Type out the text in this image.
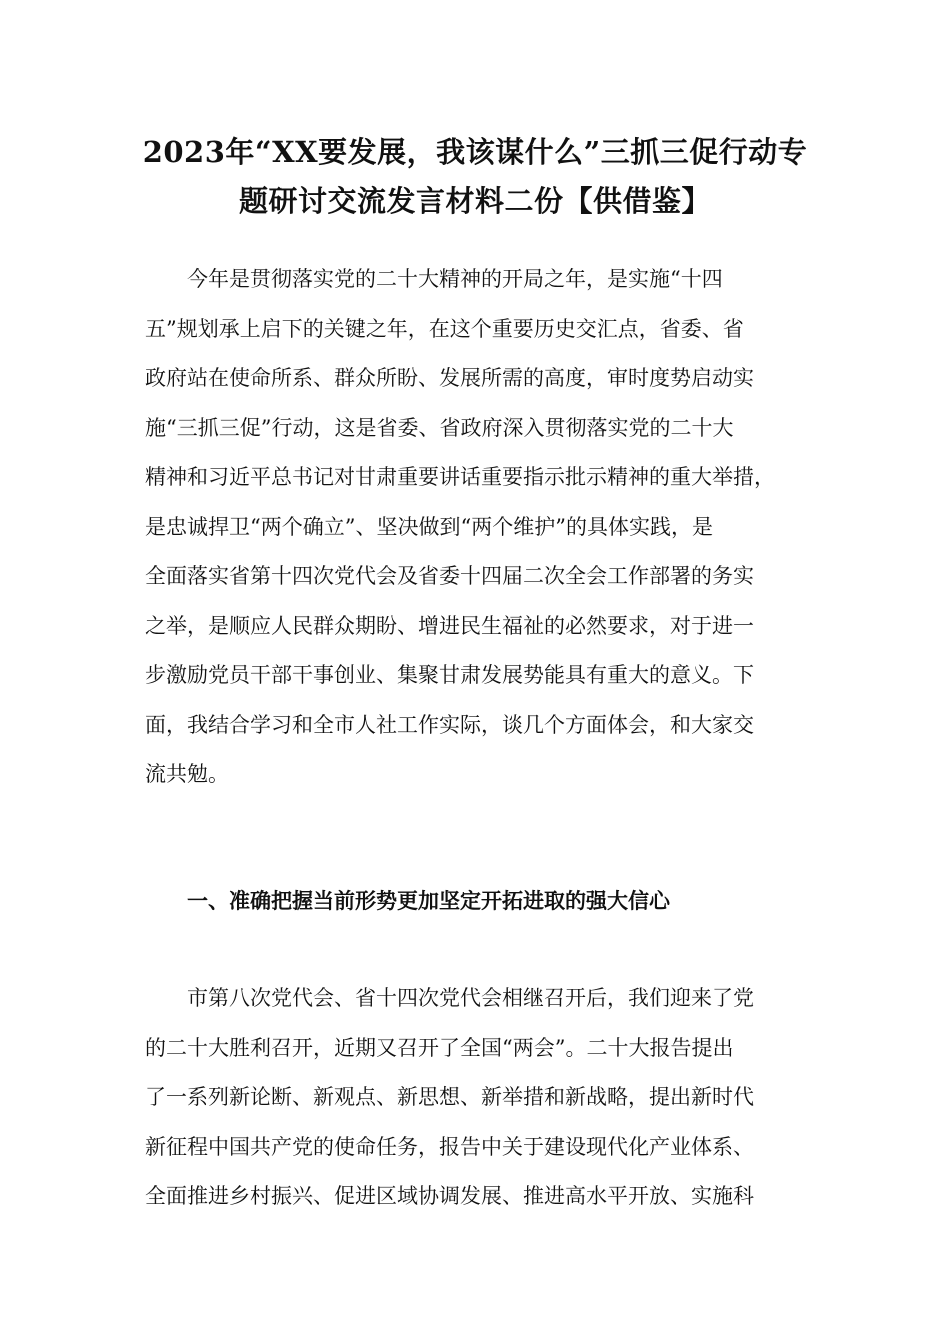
2023年“XX要发展，我该谋什么”三抓三促行动专
题研讨交流发言材料二份【供借鉴】
今年是贯彻落实党的二十大精神的开局之年，是实施“十四
五”规划承上启下的关键之年，在这个重要历史交汇点，省委、省
政府站在使命所系、群众所盼、发展所需的高度，审时度势启动实
施“三抓三促”行动，这是省委、省政府深入贯彻落实党的二十大
精神和习近平总书记对甘肃重要讲话重要指示批示精神的重大举措，
是忠诚捍卫“两个确立”、坚决做到“两个维护”的具体实践，是
全面落实省第十四次党代会及省委十四届二次全会工作部署的务实
之举，是顺应人民群众期盼、增进民生福祉的必然要求，对于进一
步激励党员干部干事创业、集聚甘肃发展势能具有重大的意义。下
面，我结合学习和全市人社工作实际，谈几个方面体会，和大家交
流共勉。
一、准确把握当前形势更加坚定开拓进取的强大信心
市第八次党代会、省十四次党代会相继召开后，我们迎来了党
的二十大胜利召开，近期又召开了全国“两会”。二十大报告提出
了一系列新论断、新观点、新思想、新举措和新战略，提出新时代
新征程中国共产党的使命任务，报告中关于建设现代化产业体系、
全面推进乡村振兴、促进区域协调发展、推进高水平开放、实施科
